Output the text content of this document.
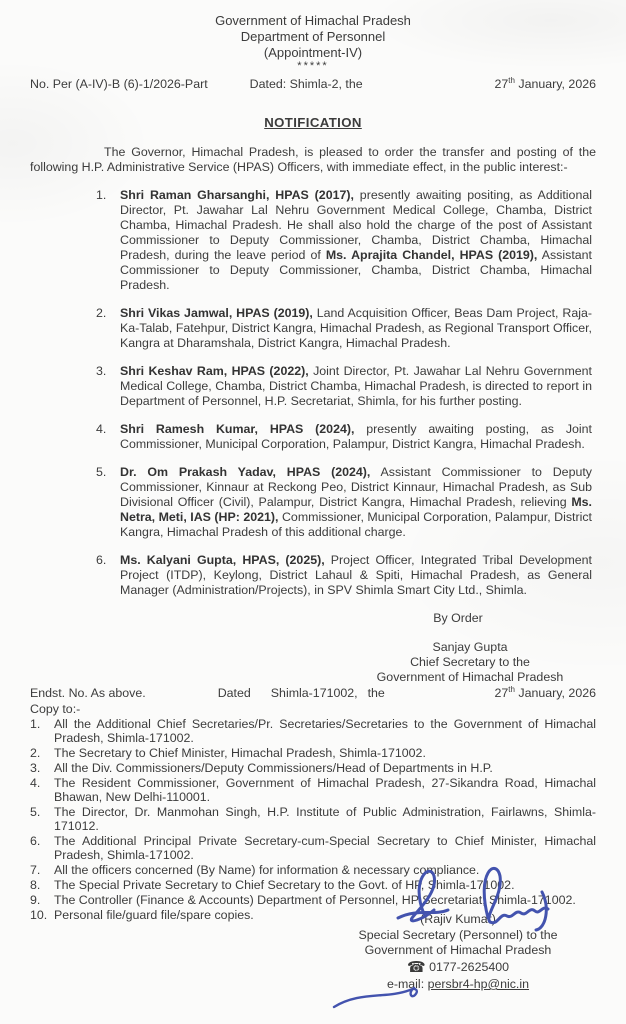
Government of Himachal Pradesh
Department of Personnel
(Appointment-IV)
*****
No. Per (A-IV)-B (6)-1/2026-Part	Dated: Shimla-2, the	27th January, 2026
NOTIFICATION

The Governor, Himachal Pradesh, is pleased to order the transfer and posting of the following H.P. Administrative Service (HPAS) Officers, with immediate effect, in the public interest:-

1.	Shri Raman Gharsanghi, HPAS (2017), presently awaiting positing, as Additional Director, Pt. Jawahar Lal Nehru Government Medical College, Chamba, District Chamba, Himachal Pradesh. He shall also hold the charge of the post of Assistant Commissioner to Deputy Commissioner, Chamba, District Chamba, Himachal Pradesh, during the leave period of Ms. Aprajita Chandel, HPAS (2019), Assistant Commissioner to Deputy Commissioner, Chamba, District Chamba, Himachal Pradesh.

2.	Shri Vikas Jamwal, HPAS (2019), Land Acquisition Officer, Beas Dam Project, Raja-Ka-Talab, Fatehpur, District Kangra, Himachal Pradesh, as Regional Transport Officer, Kangra at Dharamshala, District Kangra, Himachal Pradesh.

3.	Shri Keshav Ram, HPAS (2022), Joint Director, Pt. Jawahar Lal Nehru Government Medical College, Chamba, District Chamba, Himachal Pradesh, is directed to report in Department of Personnel, H.P. Secretariat, Shimla, for his further posting.

4.	Shri Ramesh Kumar, HPAS (2024), presently awaiting posting, as Joint Commissioner, Municipal Corporation, Palampur, District Kangra, Himachal Pradesh.

5.	Dr. Om Prakash Yadav, HPAS (2024), Assistant Commissioner to Deputy Commissioner, Kinnaur at Reckong Peo, District Kinnaur, Himachal Pradesh, as Sub Divisional Officer (Civil), Palampur, District Kangra, Himachal Pradesh, relieving Ms. Netra, Meti, IAS (HP: 2021), Commissioner, Municipal Corporation, Palampur, District Kangra, Himachal Pradesh of this additional charge.

6.	Ms. Kalyani Gupta, HPAS, (2025), Project Officer, Integrated Tribal Development Project (ITDP), Keylong, District Lahaul & Spiti, Himachal Pradesh, as General Manager (Administration/Projects), in SPV Shimla Smart City Ltd., Shimla.

By Order
Sanjay Gupta
Chief Secretary to the
Government of Himachal Pradesh
Endst. No. As above.	Dated Shimla-171002, the	27th January, 2026
Copy to:-
1.	All the Additional Chief Secretaries/Pr. Secretaries/Secretaries to the Government of Himachal Pradesh, Shimla-171002.

2.	The Secretary to Chief Minister, Himachal Pradesh, Shimla-171002.

3.	All the Div. Commissioners/Deputy Commissioners/Head of Departments in H.P.

4.	The Resident Commissioner, Government of Himachal Pradesh, 27-Sikandra Road, Himachal Bhawan, New Delhi-110001.

5.	The Director, Dr. Manmohan Singh, H.P. Institute of Public Administration, Fairlawns, Shimla-171012.

6.	The Additional Principal Private Secretary-cum-Special Secretary to Chief Minister, Himachal Pradesh, Shimla-171002.

7.	All the officers concerned (By Name) for information & necessary compliance.

8.	The Special Private Secretary to Chief Secretary to the Govt. of HP, Shimla-171002.

9.	The Controller (Finance & Accounts) Department of Personnel, HP Secretariat, Shimla-171002.

10. Personal file/guard file/spare copies.	(Rajiv Kumar)
Special Secretary (Personnel) to the
Government of Himachal Pradesh
☎ 0177-2625400
e-mail: persbr4-hp@nic.in
